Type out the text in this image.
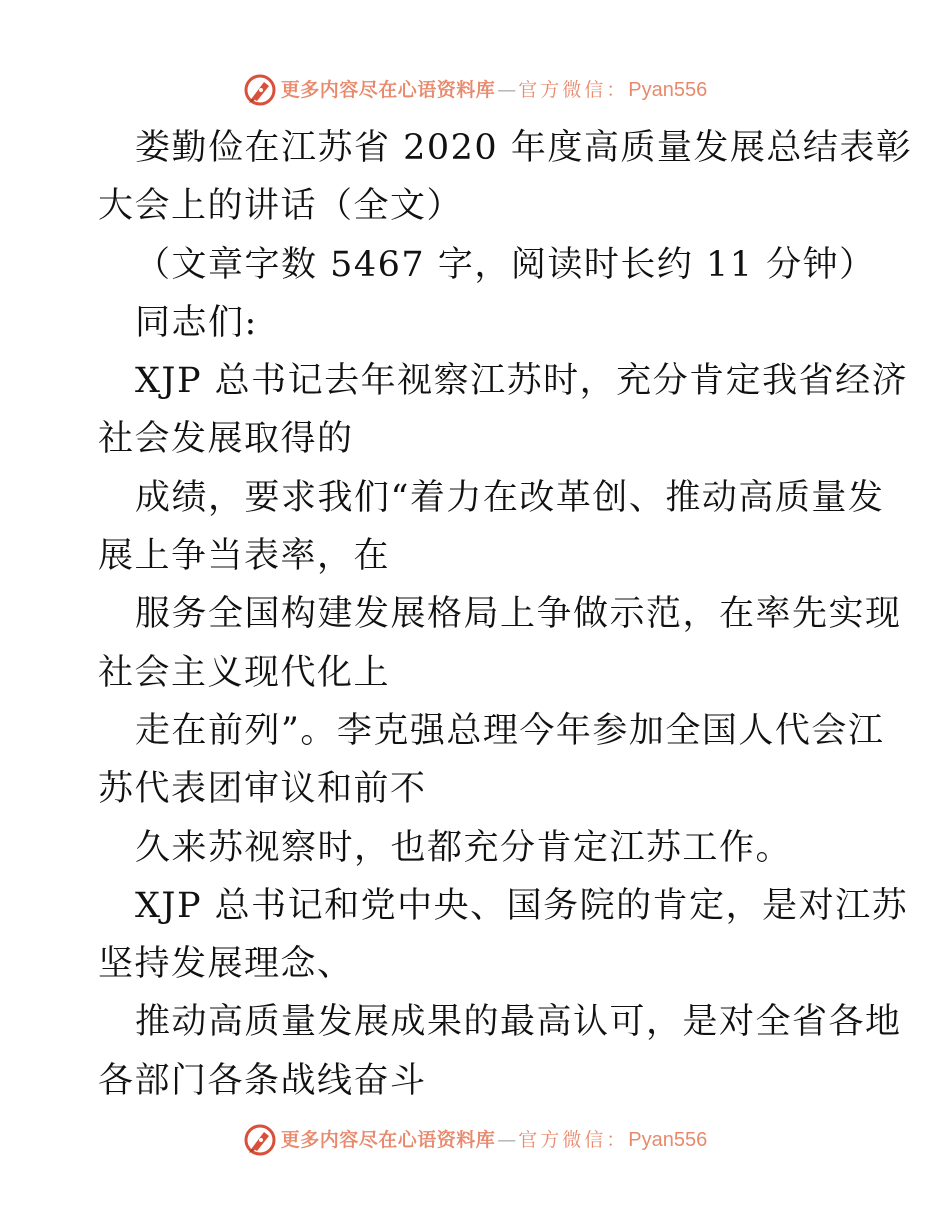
更多内容尽在心语资料库 — 官方微信： Pyan556
娄勤俭在江苏省 2020 年度高质量发展总结表彰
大会上的讲话（全文）
（文章字数 5467 字，阅读时长约 11 分钟）
同志们:
XJP 总书记去年视察江苏时，充分肯定我省经济
社会发展取得的
成绩，要求我们“着力在改革创、推动高质量发
展上争当表率，在
服务全国构建发展格局上争做示范，在率先实现
社会主义现代化上
走在前列”。李克强总理今年参加全国人代会江
苏代表团审议和前不
久来苏视察时，也都充分肯定江苏工作。
XJP 总书记和党中央、国务院的肯定，是对江苏
坚持发展理念、
推动高质量发展成果的最高认可，是对全省各地
各部门各条战线奋斗
更多内容尽在心语资料库 — 官方微信： Pyan556
